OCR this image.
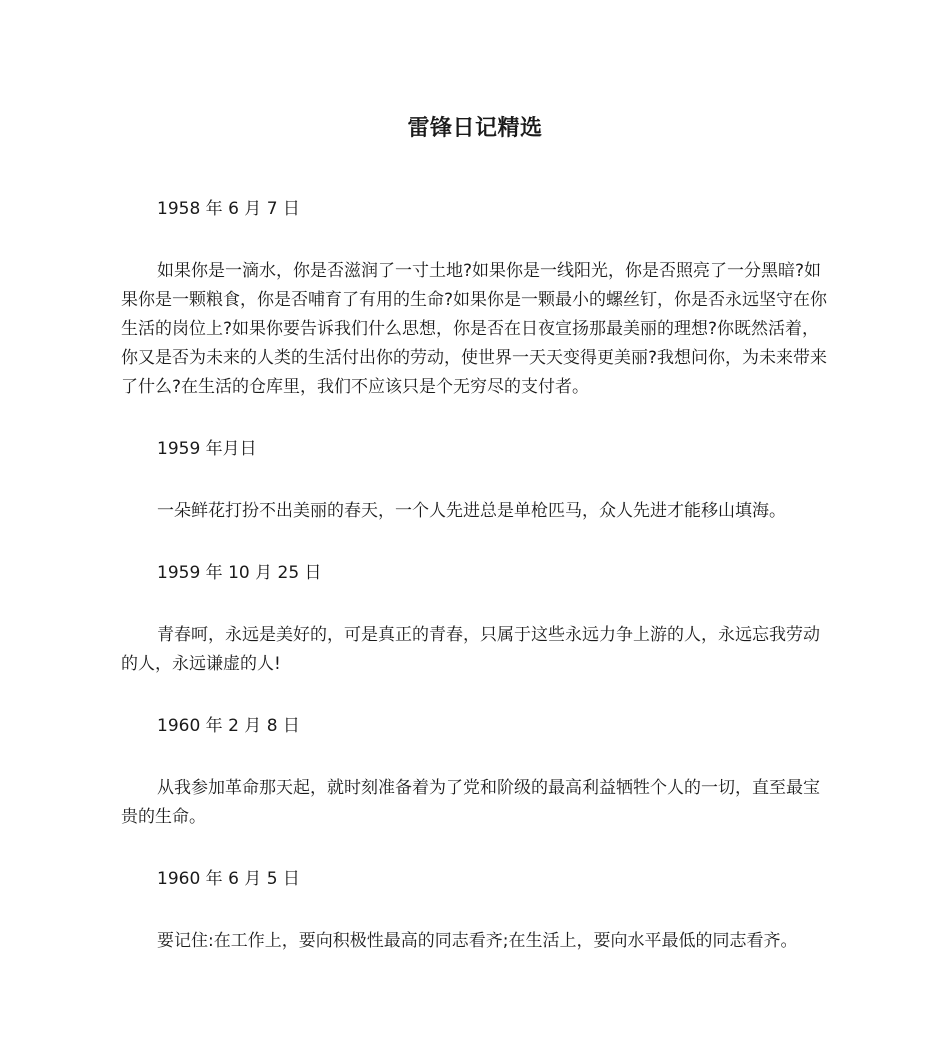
雷锋日记精选

1958 年 6 月 7 日

如果你是一滴水，你是否滋润了一寸土地?如果你是一线阳光，你是否照亮了一分黑暗?如果你是一颗粮食，你是否哺育了有用的生命?如果你是一颗最小的螺丝钉，你是否永远坚守在你生活的岗位上?如果你要告诉我们什么思想，你是否在日夜宣扬那最美丽的理想?你既然活着，你又是否为未来的人类的生活付出你的劳动，使世界一天天变得更美丽?我想问你，为未来带来了什么?在生活的仓库里，我们不应该只是个无穷尽的支付者。

1959 年月日

一朵鲜花打扮不出美丽的春天，一个人先进总是单枪匹马，众人先进才能移山填海。

1959 年 10 月 25 日

青春呵，永远是美好的，可是真正的青春，只属于这些永远力争上游的人，永远忘我劳动的人，永远谦虚的人!

1960 年 2 月 8 日

从我参加革命那天起，就时刻准备着为了党和阶级的最高利益牺牲个人的一切，直至最宝贵的生命。

1960 年 6 月 5 日

要记住:在工作上，要向积极性最高的同志看齐;在生活上，要向水平最低的同志看齐。
